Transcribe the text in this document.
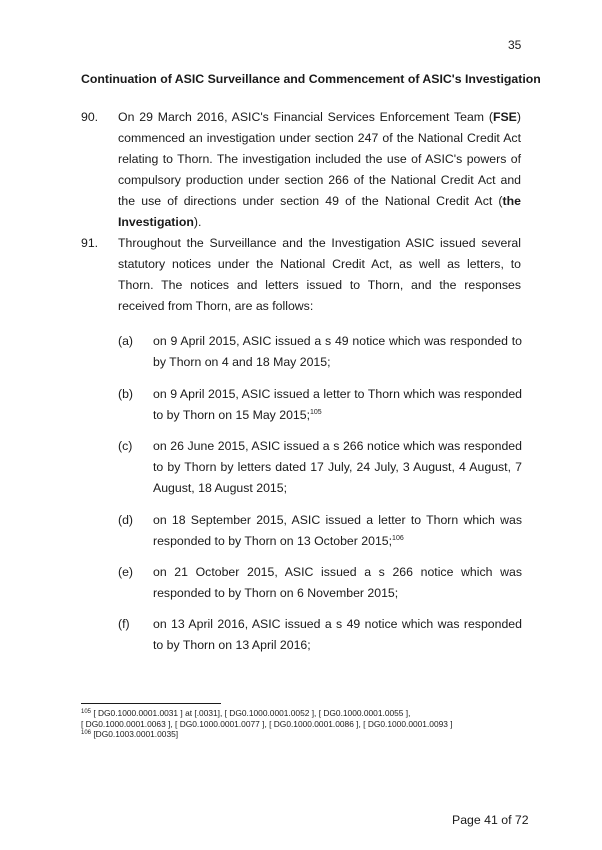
35
Continuation of ASIC Surveillance and Commencement of ASIC's Investigation
90. On 29 March 2016, ASIC's Financial Services Enforcement Team (FSE) commenced an investigation under section 247 of the National Credit Act relating to Thorn. The investigation included the use of ASIC's powers of compulsory production under section 266 of the National Credit Act and the use of directions under section 49 of the National Credit Act (the Investigation).
91. Throughout the Surveillance and the Investigation ASIC issued several statutory notices under the National Credit Act, as well as letters, to Thorn. The notices and letters issued to Thorn, and the responses received from Thorn, are as follows:
(a) on 9 April 2015, ASIC issued a s 49 notice which was responded to by Thorn on 4 and 18 May 2015;
(b) on 9 April 2015, ASIC issued a letter to Thorn which was responded to by Thorn on 15 May 2015;$^{105}$
(c) on 26 June 2015, ASIC issued a s 266 notice which was responded to by Thorn by letters dated 17 July, 24 July, 3 August, 4 August, 7 August, 18 August 2015;
(d) on 18 September 2015, ASIC issued a letter to Thorn which was responded to by Thorn on 13 October 2015;$^{106}$
(e) on 21 October 2015, ASIC issued a s 266 notice which was responded to by Thorn on 6 November 2015;
(f) on 13 April 2016, ASIC issued a s 49 notice which was responded to by Thorn on 13 April 2016;
$^{105}$ [ DG0.1000.0001.0031 ] at [.0031], [ DG0.1000.0001.0052 ], [ DG0.1000.0001.0055 ],
[ DG0.1000.0001.0063 ], [ DG0.1000.0001.0077 ], [ DG0.1000.0001.0086 ], [ DG0.1000.0001.0093 ]
$^{106}$ [DG0.1003.0001.0035]
Page 41 of 72
